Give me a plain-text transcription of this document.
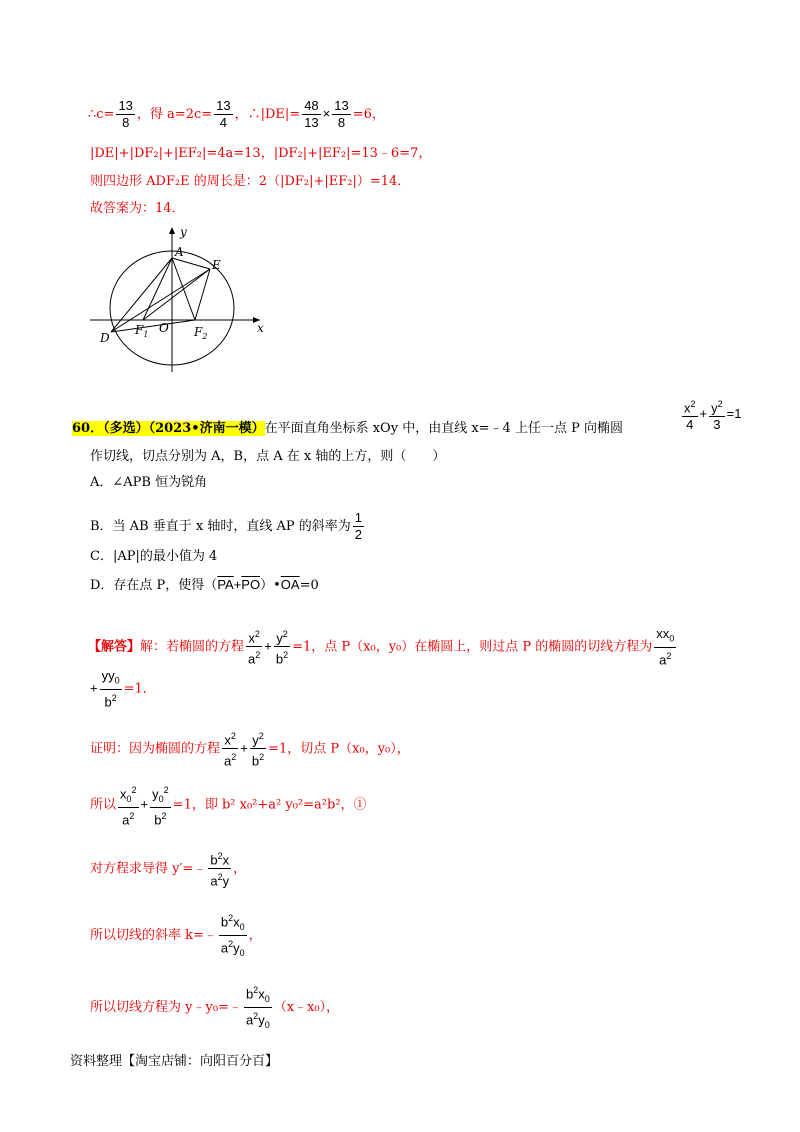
∴c= $\frac{13}{8}$ ，得 $a=2c= \frac{13}{4}$ ，∴|DE|= $\frac{48}{13} \times \frac{13}{8} =6$，
|DE|+|DF₂|+|EF₂|=4a=13，|DF₂|+|EF₂|=13﹣6=7，
则四边形 ADF₂E 的周长是：2（|DF₂|+|EF₂|）=14．
故答案为：14．
y
x
A
E
D
$F_1$ O $F_2$
60．（多选）（2023•济南一模）在平面直角坐标系 xOy 中，由直线 x=﹣4 上任一点 P 向椭圆	$\frac{x^2}{4} + \frac{y^2}{3} =1$
作切线，切点分别为 A，B，点 A 在 x 轴的上方，则（　　）
A．∠APB 恒为锐角
B．当 AB 垂直于 x 轴时，直线 AP 的斜率为 $\frac{1}{2}$
C．|AP|的最小值为 4
D．存在点 P，使得$(\overline{PA}+\overline{PO})•\overline{OA}=0$
【解答】解：若椭圆的方程 $\frac{x^2}{a^2} + \frac{y^2}{b^2} =1$，点 P（x₀，y₀）在椭圆上，则过点 P 的椭圆的切线方程为 $\frac{xx_0}{a^2}$
+ $\frac{yy_0}{b^2} =1$．
证明：因为椭圆的方程 $\frac{x^2}{a^2} + \frac{y^2}{b^2} =1$，切点 P（x₀，y₀），
所以 $\frac{x_0^2}{a^2} + \frac{y_0^2}{b^2} =1$，即 b² x₀²+a² y₀²=a²b²，①
对方程求导得 y′=﹣ $\frac{b^2x}{a^2y}$ ，
所以切线的斜率 k=﹣ $\frac{b^2x_0}{a^2y_0}$ ，
所以切线方程为 y﹣y₀=﹣ $\frac{b^2x_0}{a^2y_0}$ （x﹣x₀），
资料整理【淘宝店铺：向阳百分百】
